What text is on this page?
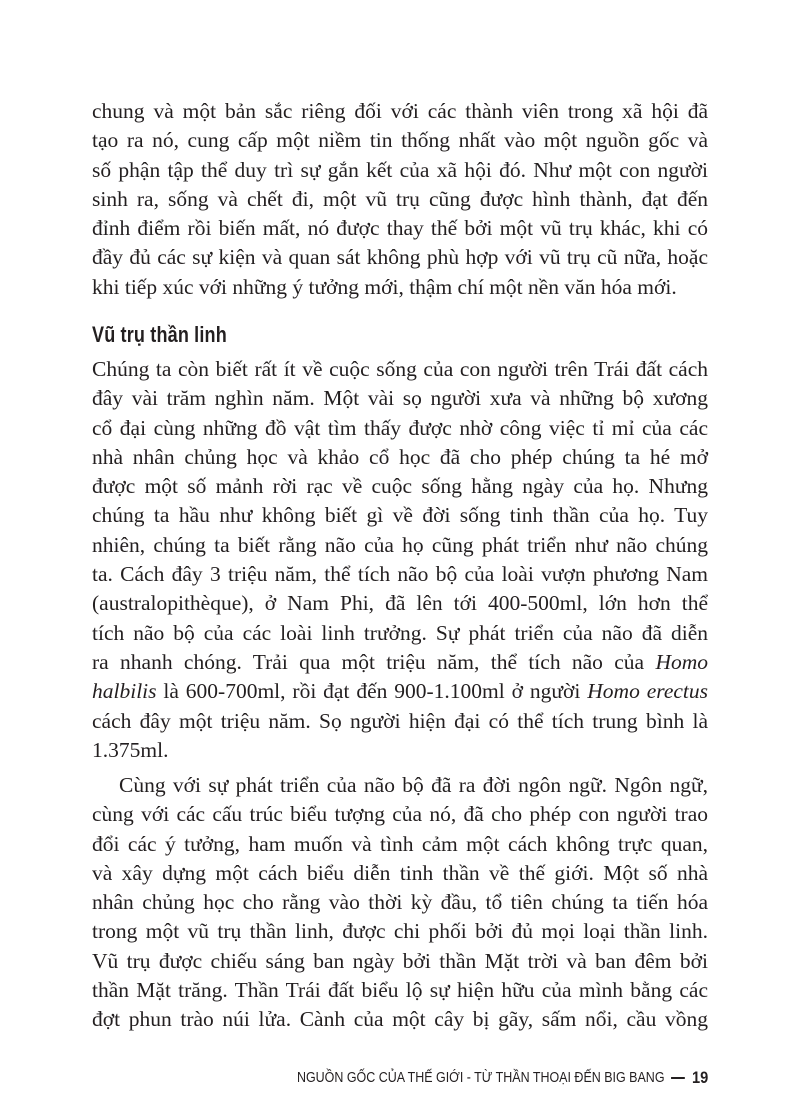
chung và một bản sắc riêng đối với các thành viên trong xã hội đã
tạo ra nó, cung cấp một niềm tin thống nhất vào một nguồn gốc và
số phận tập thể duy trì sự gắn kết của xã hội đó. Như một con người
sinh ra, sống và chết đi, một vũ trụ cũng được hình thành, đạt đến
đỉnh điểm rồi biến mất, nó được thay thế bởi một vũ trụ khác, khi có
đầy đủ các sự kiện và quan sát không phù hợp với vũ trụ cũ nữa, hoặc
khi tiếp xúc với những ý tưởng mới, thậm chí một nền văn hóa mới.
Vũ trụ thần linh
Chúng ta còn biết rất ít về cuộc sống của con người trên Trái đất cách
đây vài trăm nghìn năm. Một vài sọ người xưa và những bộ xương
cổ đại cùng những đồ vật tìm thấy được nhờ công việc tỉ mỉ của các
nhà nhân chủng học và khảo cổ học đã cho phép chúng ta hé mở
được một số mảnh rời rạc về cuộc sống hằng ngày của họ. Nhưng
chúng ta hầu như không biết gì về đời sống tinh thần của họ. Tuy
nhiên, chúng ta biết rằng não của họ cũng phát triển như não chúng
ta. Cách đây 3 triệu năm, thể tích não bộ của loài vượn phương Nam
(australopithèque), ở Nam Phi, đã lên tới 400-500ml, lớn hơn thể
tích não bộ của các loài linh trưởng. Sự phát triển của não đã diễn
ra nhanh chóng. Trải qua một triệu năm, thể tích não của Homo
halbilis là 600-700ml, rồi đạt đến 900-1.100ml ở người Homo erectus
cách đây một triệu năm. Sọ người hiện đại có thể tích trung bình là
1.375ml.
Cùng với sự phát triển của não bộ đã ra đời ngôn ngữ. Ngôn ngữ,
cùng với các cấu trúc biểu tượng của nó, đã cho phép con người trao
đổi các ý tưởng, ham muốn và tình cảm một cách không trực quan,
và xây dựng một cách biểu diễn tinh thần về thế giới. Một số nhà
nhân chủng học cho rằng vào thời kỳ đầu, tổ tiên chúng ta tiến hóa
trong một vũ trụ thần linh, được chi phối bởi đủ mọi loại thần linh.
Vũ trụ được chiếu sáng ban ngày bởi thần Mặt trời và ban đêm bởi
thần Mặt trăng. Thần Trái đất biểu lộ sự hiện hữu của mình bằng các
đợt phun trào núi lửa. Cành của một cây bị gãy, sấm nổi, cầu vồng
NGUỒN GỐC CỦA THẾ GIỚI - TỪ THẦN THOẠI ĐẾN BIG BANG 19
